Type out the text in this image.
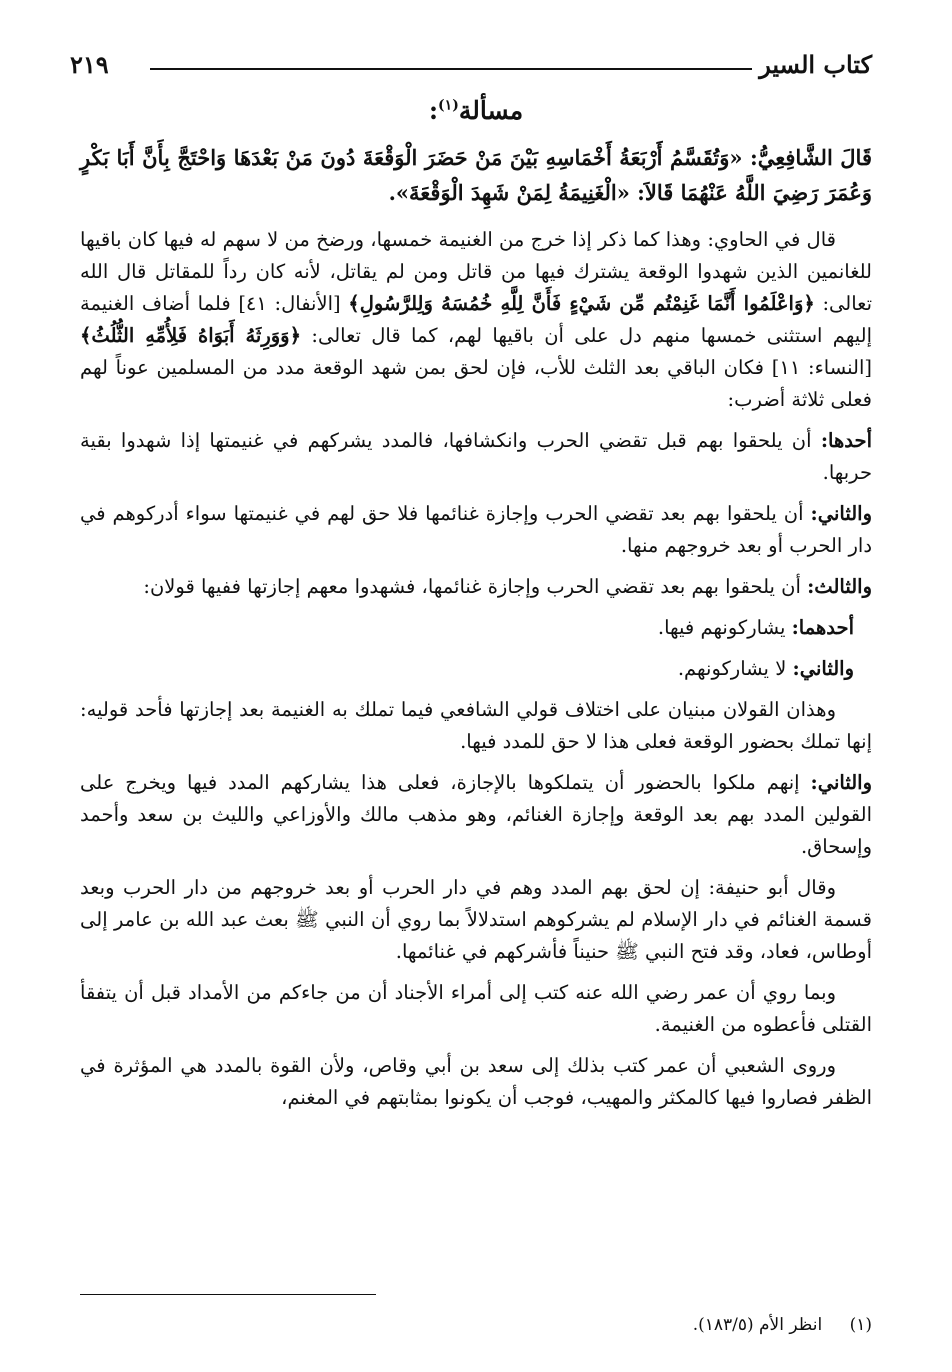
كتاب السير
٢١٩
مسألة$^{(١)}$:

قَالَ الشَّافِعِيُّ: «وَتُقَسَّمُ أَرْبَعَةُ أَخْمَاسِهِ بَيْنَ مَنْ حَضَرَ الْوَقْعَةَ دُونَ مَنْ بَعْدَهَا وَاحْتَجَّ بِأَنَّ أَبَا بَكْرٍ وَعُمَرَ رَضِيَ اللَّهُ عَنْهُمَا قَالاَ: «الْغَنِيمَةُ لِمَنْ شَهِدَ الْوَقْعَةَ».

قال في الحاوي: وهذا كما ذكر إذا خرج من الغنيمة خمسها، ورضخ من لا سهم له فيها كان باقيها للغانمين الذين شهدوا الوقعة يشترك فيها من قاتل ومن لم يقاتل، لأنه كان رداً للمقاتل قال الله تعالى: ﴿وَاعْلَمُوا أَنَّمَا غَنِمْتُم مِّن شَيْءٍ فَأَنَّ لِلَّهِ خُمُسَهُ وَلِلرَّسُولِ﴾ [الأنفال: ٤١] فلما أضاف الغنيمة إليهم استثنى خمسها منهم دل على أن باقيها لهم، كما قال تعالى: ﴿وَوَرِثَهُ أَبَوَاهُ فَلِأُمِّهِ الثُّلُثُ﴾ [النساء: ١١] فكان الباقي بعد الثلث للأب، فإن لحق بمن شهد الوقعة مدد من المسلمين عوناً لهم فعلى ثلاثة أضرب:

أحدها: أن يلحقوا بهم قبل تقضي الحرب وانكشافها، فالمدد يشركهم في غنيمتها إذا شهدوا بقية حربها.

والثاني: أن يلحقوا بهم بعد تقضي الحرب وإجازة غنائمها فلا حق لهم في غنيمتها سواء أدركوهم في دار الحرب أو بعد خروجهم منها.

والثالث: أن يلحقوا بهم بعد تقضي الحرب وإجازة غنائمها، فشهدوا معهم إجازتها ففيها قولان:

أحدهما: يشاركونهم فيها.

والثاني: لا يشاركونهم.

وهذان القولان مبنيان على اختلاف قولي الشافعي فيما تملك به الغنيمة بعد إجازتها فأحد قوليه: إنها تملك بحضور الوقعة فعلى هذا لا حق للمدد فيها.

والثاني: إنهم ملكوا بالحضور أن يتملكوها بالإجازة، فعلى هذا يشاركهم المدد فيها ويخرج على القولين المدد بهم بعد الوقعة وإجازة الغنائم، وهو مذهب مالك والأوزاعي والليث بن سعد وأحمد وإسحاق.

وقال أبو حنيفة: إن لحق بهم المدد وهم في دار الحرب أو بعد خروجهم من دار الحرب وبعد قسمة الغنائم في دار الإسلام لم يشركوهم استدلالاً بما روي أن النبي ﷺ بعث عبد الله بن عامر إلى أوطاس، فعاد، وقد فتح النبي ﷺ حنيناً فأشركهم في غنائمها.

وبما روي أن عمر رضي الله عنه كتب إلى أمراء الأجناد أن من جاءكم من الأمداد قبل أن يتفقأ القتلى فأعطوه من الغنيمة.

وروى الشعبي أن عمر كتب بذلك إلى سعد بن أبي وقاص، ولأن القوة بالمدد هي المؤثرة في الظفر فصاروا فيها كالمكثر والمهيب، فوجب أن يكونوا بمثابتهم في المغنم،

(١) انظر الأم (١٨٣/٥).
